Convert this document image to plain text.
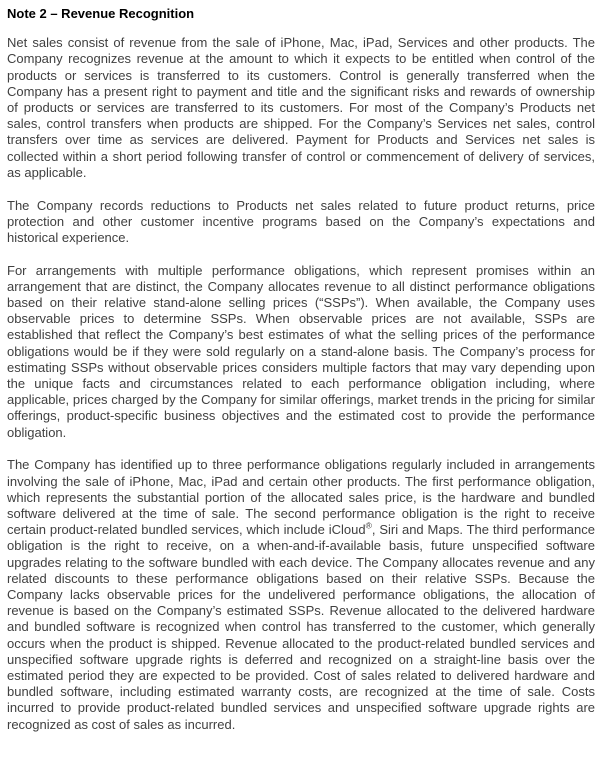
Note 2 – Revenue Recognition

Net sales consist of revenue from the sale of iPhone, Mac, iPad, Services and other products. The Company recognizes revenue at the amount to which it expects to be entitled when control of the products or services is transferred to its customers. Control is generally transferred when the Company has a present right to payment and title and the significant risks and rewards of ownership of products or services are transferred to its customers. For most of the Company’s Products net sales, control transfers when products are shipped. For the Company’s Services net sales, control transfers over time as services are delivered. Payment for Products and Services net sales is collected within a short period following transfer of control or commencement of delivery of services, as applicable.

The Company records reductions to Products net sales related to future product returns, price protection and other customer incentive programs based on the Company’s expectations and historical experience.

For arrangements with multiple performance obligations, which represent promises within an arrangement that are distinct, the Company allocates revenue to all distinct performance obligations based on their relative stand-alone selling prices (“SSPs”). When available, the Company uses observable prices to determine SSPs. When observable prices are not available, SSPs are established that reflect the Company’s best estimates of what the selling prices of the performance obligations would be if they were sold regularly on a stand-alone basis. The Company’s process for estimating SSPs without observable prices considers multiple factors that may vary depending upon the unique facts and circumstances related to each performance obligation including, where applicable, prices charged by the Company for similar offerings, market trends in the pricing for similar offerings, product-specific business objectives and the estimated cost to provide the performance obligation.

The Company has identified up to three performance obligations regularly included in arrangements involving the sale of iPhone, Mac, iPad and certain other products. The first performance obligation, which represents the substantial portion of the allocated sales price, is the hardware and bundled software delivered at the time of sale. The second performance obligation is the right to receive certain product-related bundled services, which include iCloud®, Siri and Maps. The third performance obligation is the right to receive, on a when-and-if-available basis, future unspecified software upgrades relating to the software bundled with each device. The Company allocates revenue and any related discounts to these performance obligations based on their relative SSPs. Because the Company lacks observable prices for the undelivered performance obligations, the allocation of revenue is based on the Company’s estimated SSPs. Revenue allocated to the delivered hardware and bundled software is recognized when control has transferred to the customer, which generally occurs when the product is shipped. Revenue allocated to the product-related bundled services and unspecified software upgrade rights is deferred and recognized on a straight-line basis over the estimated period they are expected to be provided. Cost of sales related to delivered hardware and bundled software, including estimated warranty costs, are recognized at the time of sale. Costs incurred to provide product-related bundled services and unspecified software upgrade rights are recognized as cost of sales as incurred.
